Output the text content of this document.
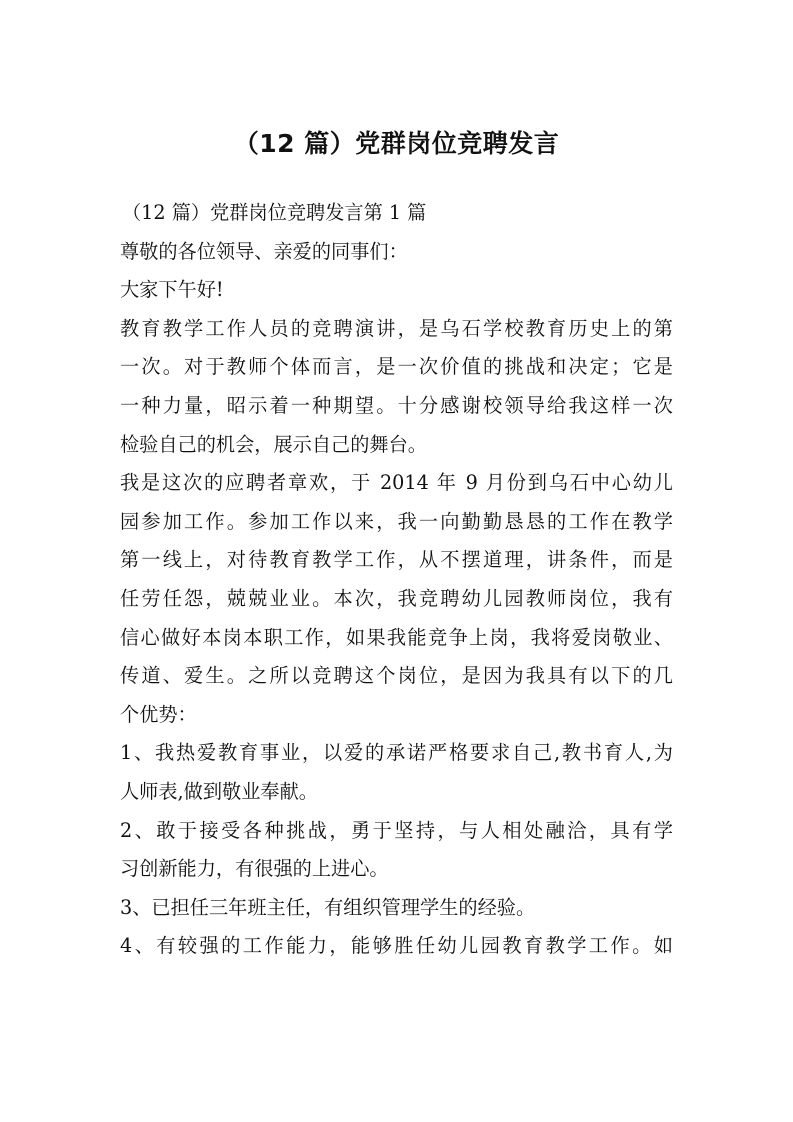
（12 篇）党群岗位竞聘发言

（12 篇）党群岗位竞聘发言第 1 篇

尊敬的各位领导、亲爱的同事们：

大家下午好!

教育教学工作人员的竞聘演讲，是乌石学校教育历史上的第

一次。对于教师个体而言，是一次价值的挑战和决定；它是

一种力量，昭示着一种期望。十分感谢校领导给我这样一次

检验自己的机会，展示自己的舞台。

我是这次的应聘者章欢，于 2014 年 9 月份到乌石中心幼儿

园参加工作。参加工作以来，我一向勤勤恳恳的工作在教学

第一线上，对待教育教学工作，从不摆道理，讲条件，而是

任劳任怨，兢兢业业。本次，我竞聘幼儿园教师岗位，我有

信心做好本岗本职工作，如果我能竞争上岗，我将爱岗敬业、

传道、爱生。之所以竞聘这个岗位，是因为我具有以下的几

个优势：

1、我热爱教育事业，以爱的承诺严格要求自己,教书育人,为

人师表,做到敬业奉献。

2、敢于接受各种挑战，勇于坚持，与人相处融洽，具有学

习创新能力，有很强的上进心。

3、已担任三年班主任，有组织管理学生的经验。

4、有较强的工作能力，能够胜任幼儿园教育教学工作。如
